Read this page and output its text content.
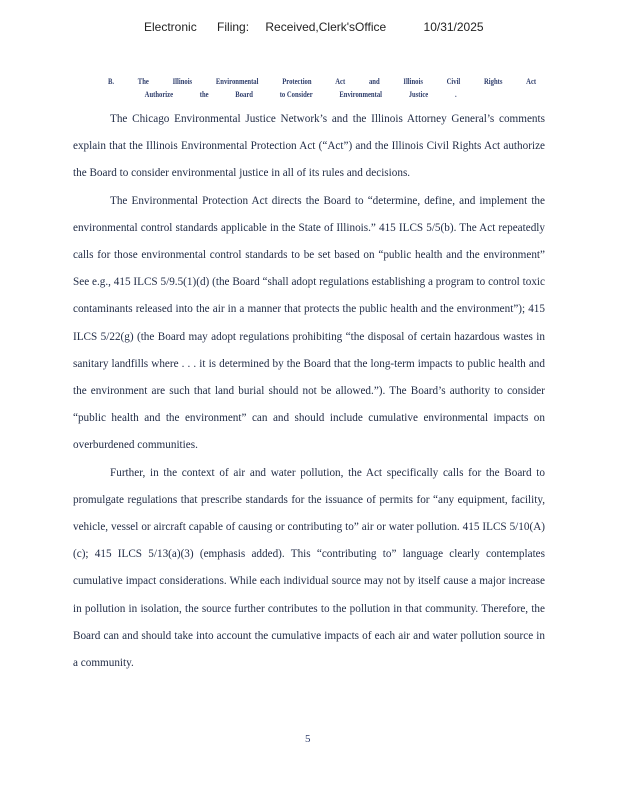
Electronic Filing: Received,Clerk'sOffice	10/31/2025
B.	The	Illinois	Environmental	Protection	Act	and	Illinois	Civil	Rights	Act
Authorize	the	Board	to Consider	Environmental	Justice	.

The Chicago Environmental Justice Network’s and the Illinois Attorney General’s comments explain that the Illinois Environmental Protection Act (“Act”) and the Illinois Civil Rights Act authorize the Board to consider environmental justice in all of its rules and decisions.

The Environmental Protection Act directs the Board to “determine, define, and implement the environmental control standards applicable in the State of Illinois.” 415 ILCS 5/5(b). The Act repeatedly calls for those environmental control standards to be set based on “public health and the environment” See e.g., 415 ILCS 5/9.5(1)(d) (the Board “shall adopt regulations establishing a program to control toxic contaminants released into the air in a manner that protects the public health and the environment”); 415 ILCS 5/22(g) (the Board may adopt regulations prohibiting “the disposal of certain hazardous wastes in sanitary landfills where . . . it is determined by the Board that the long-term impacts to public health and the environment are such that land burial should not be allowed.”). The Board’s authority to consider “public health and the environment” can and should include cumulative environmental impacts on overburdened communities.

Further, in the context of air and water pollution, the Act specifically calls for the Board to promulgate regulations that prescribe standards for the issuance of permits for “any equipment, facility, vehicle, vessel or aircraft capable of causing or contributing to” air or water pollution. 415 ILCS 5/10(A)(c); 415 ILCS 5/13(a)(3) (emphasis added). This “contributing to” language clearly contemplates cumulative impact considerations. While each individual source may not by itself cause a major increase in pollution in isolation, the source further contributes to the pollution in that community. Therefore, the Board can and should take into account the cumulative impacts of each air and water pollution source in a community.

5
